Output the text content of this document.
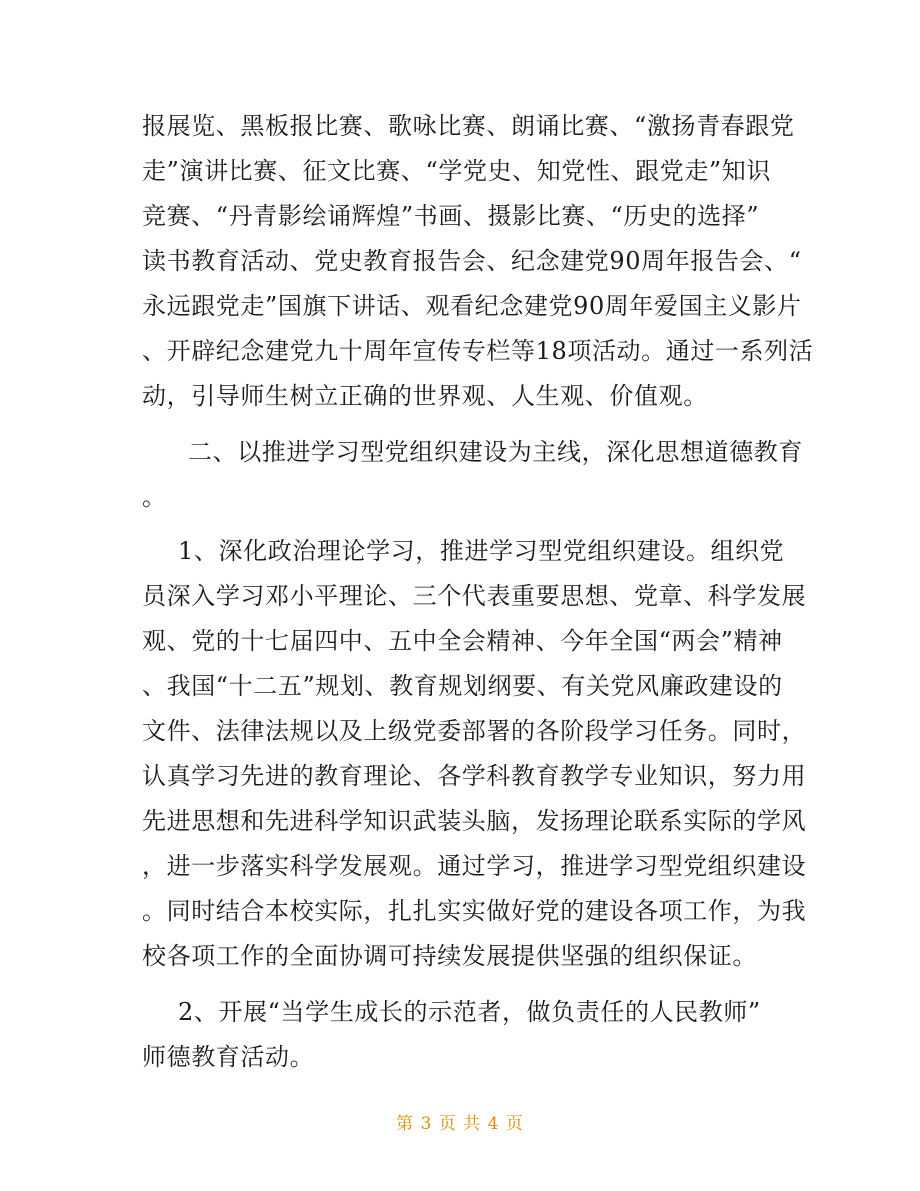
报展览、黑板报比赛、歌咏比赛、朗诵比赛、“激扬青春跟党
走”演讲比赛、征文比赛、“学党史、知党性、跟党走”知识
竞赛、“丹青影绘诵辉煌”书画、摄影比赛、“历史的选择”
读书教育活动、党史教育报告会、纪念建党90周年报告会、“
永远跟党走”国旗下讲话、观看纪念建党90周年爱国主义影片
、开辟纪念建党九十周年宣传专栏等18项活动。通过一系列活
动，引导师生树立正确的世界观、人生观、价值观。
二、以推进学习型党组织建设为主线，深化思想道德教育
。
1、深化政治理论学习，推进学习型党组织建设。组织党
员深入学习邓小平理论、三个代表重要思想、党章、科学发展
观、党的十七届四中、五中全会精神、今年全国“两会”精神
、我国“十二五”规划、教育规划纲要、有关党风廉政建设的
文件、法律法规以及上级党委部署的各阶段学习任务。同时，
认真学习先进的教育理论、各学科教育教学专业知识，努力用
先进思想和先进科学知识武装头脑，发扬理论联系实际的学风
，进一步落实科学发展观。通过学习，推进学习型党组织建设
。同时结合本校实际，扎扎实实做好党的建设各项工作，为我
校各项工作的全面协调可持续发展提供坚强的组织保证。
2、开展“当学生成长的示范者，做负责任的人民教师”
师德教育活动。
第 3 页 共 4 页
